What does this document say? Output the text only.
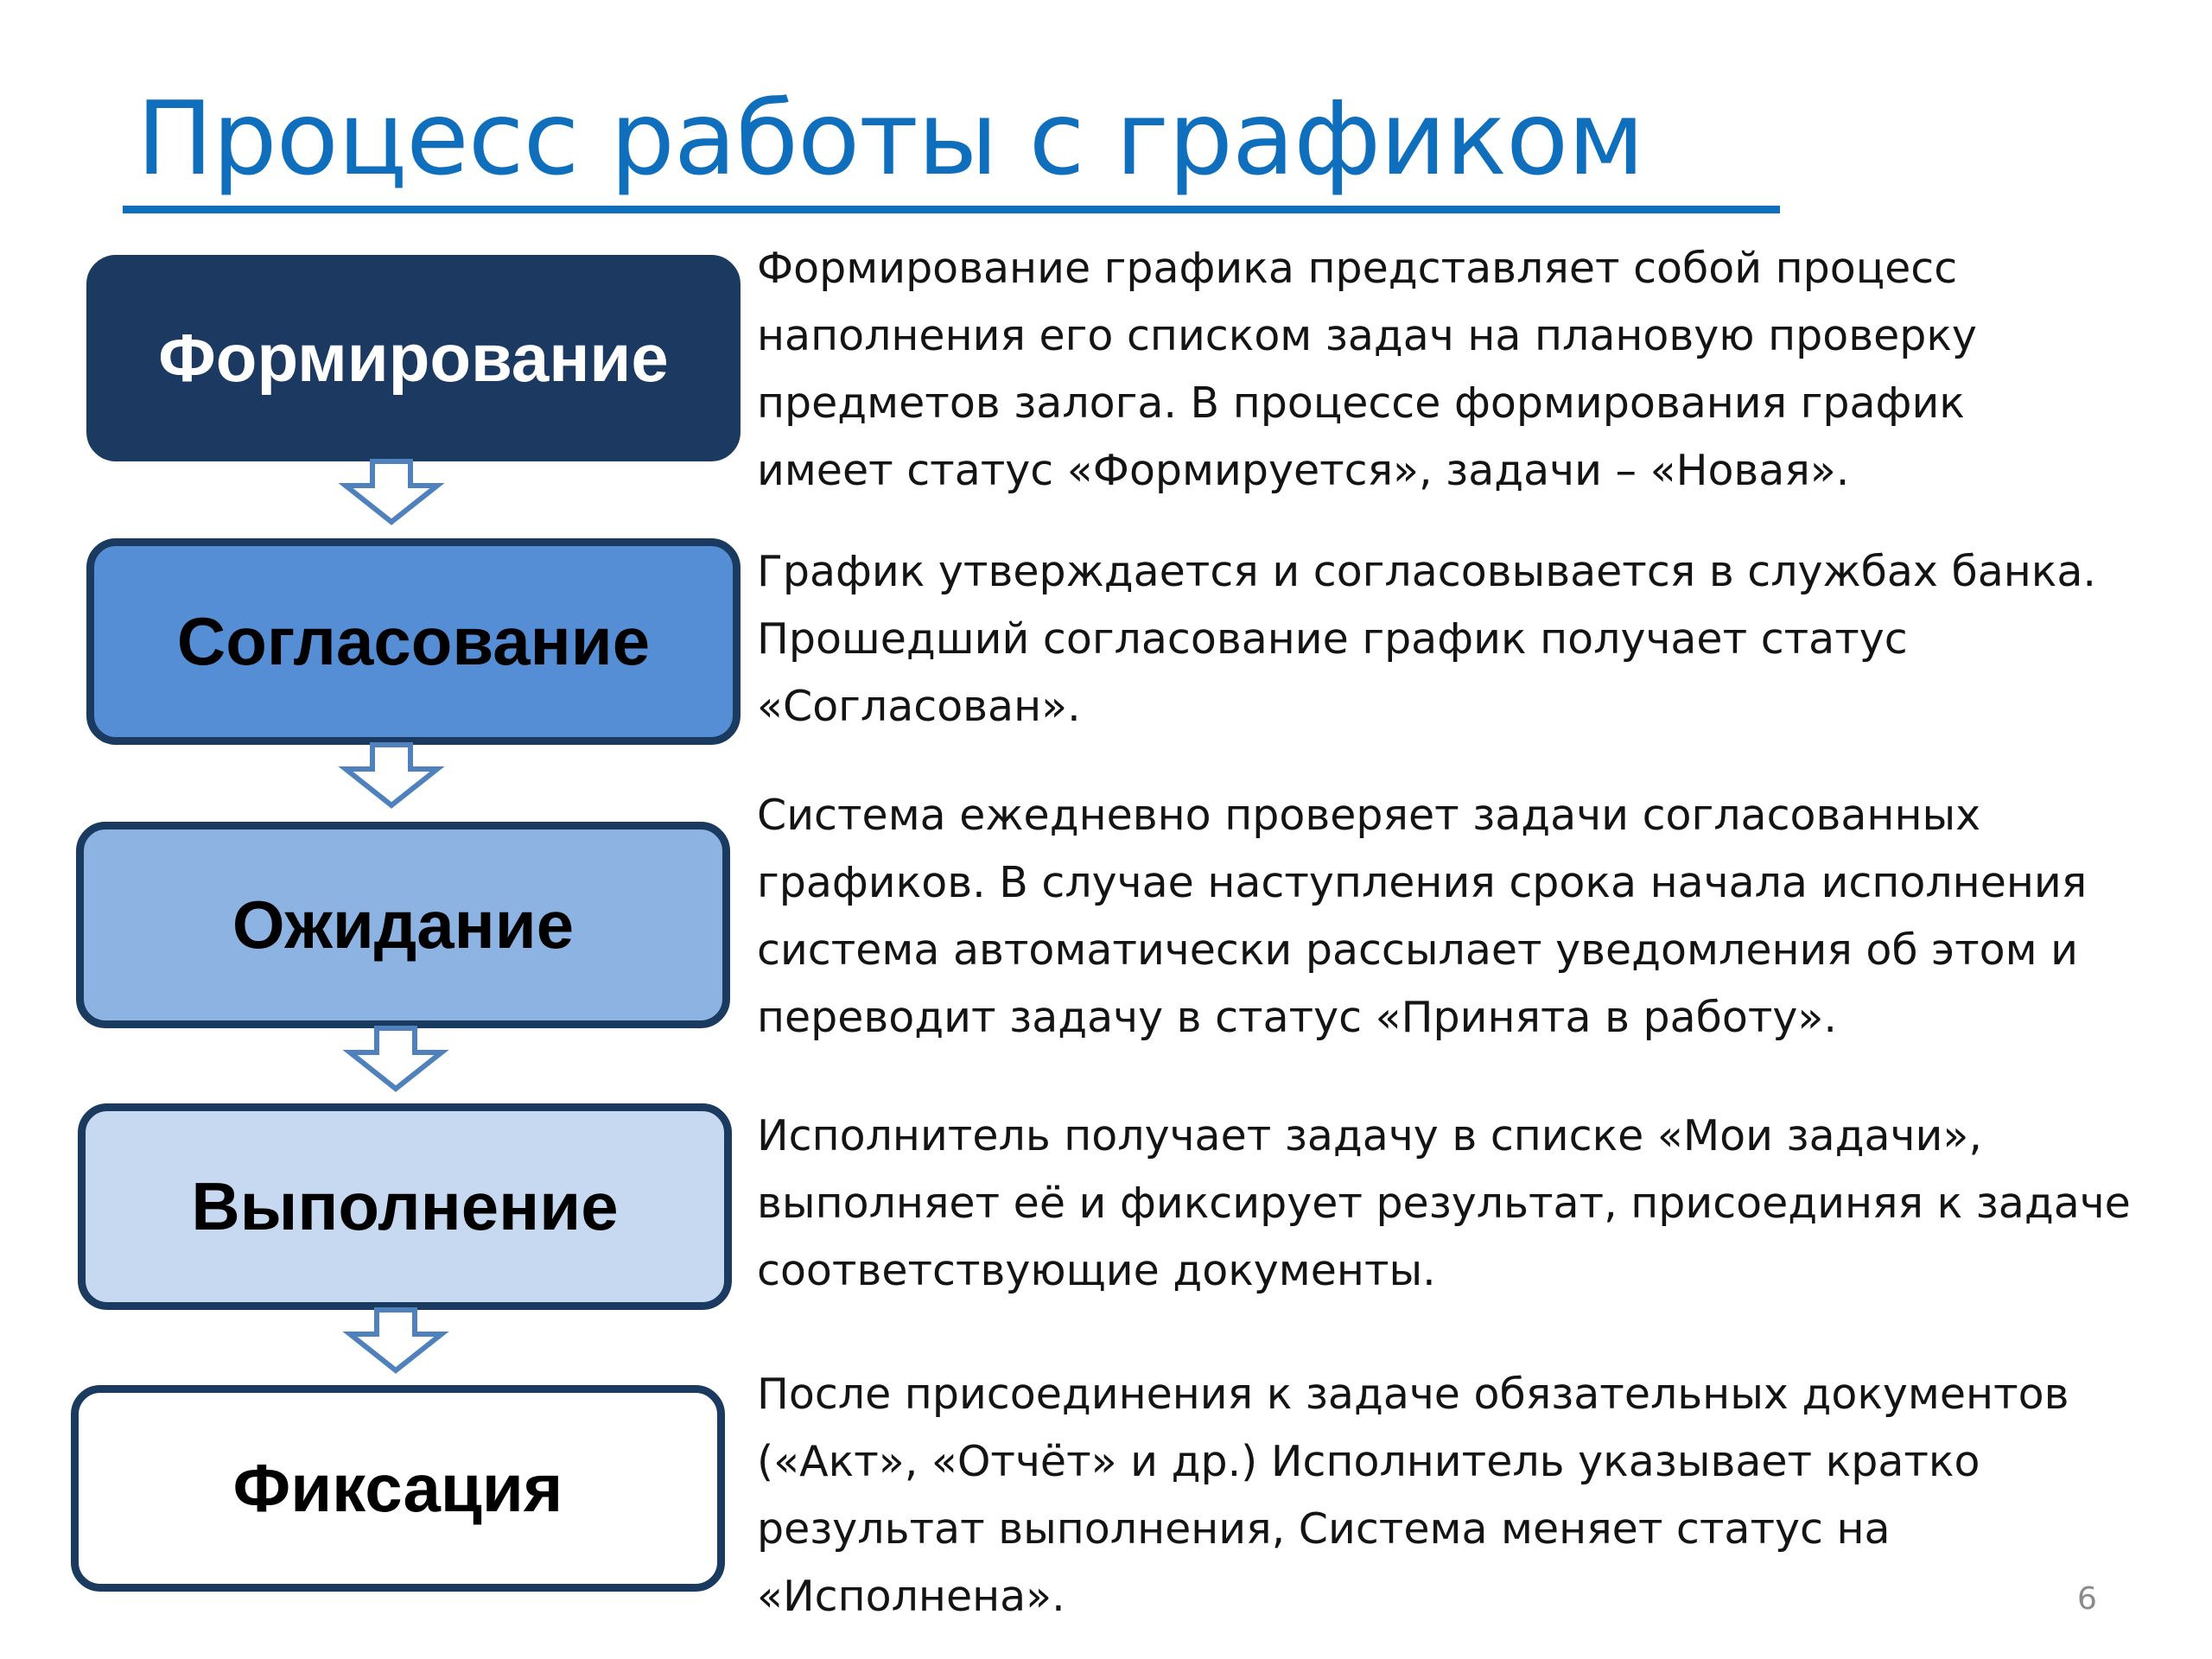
Процесс работы с графиком
Формирование
Согласование
Ожидание
Выполнение
Фиксация
Формирование графика представляет собой процесс
наполнения его списком задач на плановую проверку
предметов залога. В процессе формирования график
имеет статус «Формируется», задачи – «Новая».
График утверждается и согласовывается в службах банка.
Прошедший согласование график получает статус
«Согласован».
Система ежедневно проверяет задачи согласованных
графиков. В случае наступления срока начала исполнения
система автоматически рассылает уведомления об этом и
переводит задачу в статус «Принята в работу».
Исполнитель получает задачу в списке «Мои задачи»,
выполняет её и фиксирует результат, присоединяя к задаче
соответствующие документы.
После присоединения к задаче обязательных документов
(«Акт», «Отчёт» и др.) Исполнитель указывает кратко
результат выполнения, Система меняет статус на
«Исполнена».	6
